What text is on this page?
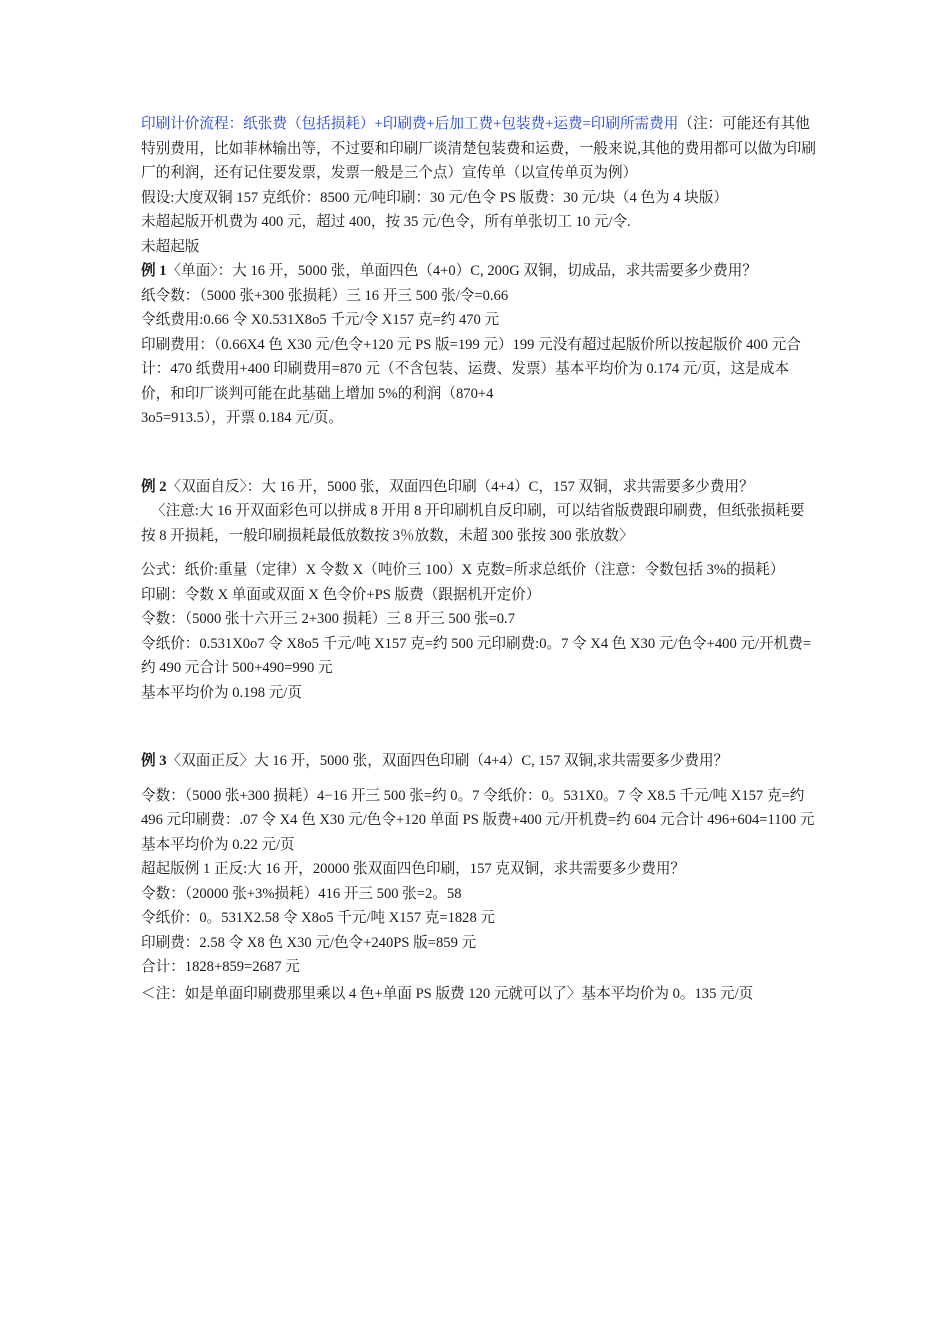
印刷计价流程：纸张费（包括损耗）+印刷费+后加工费+包装费+运费=印刷所需费用（注：可能还有其他特别费用，比如菲林输出等，不过要和印刷厂谈清楚包装费和运费，一般来说,其他的费用都可以做为印刷厂的利润，还有记住要发票，发票一般是三个点）宣传单（以宣传单页为例）

假设:大度双铜 157 克纸价：8500 元/吨印刷：30 元/色令 PS 版费：30 元/块（4 色为 4 块版）

未超起版开机费为 400 元，超过 400，按 35 元/色令，所有单张切工 10 元/令.

未超起版

例 1〈单面〉：大 16 开，5000 张，单面四色（4+0）C, 200G 双铜，切成品，求共需要多少费用？

纸令数：（5000 张+300 张损耗）三 16 开三 500 张/令=0.66

令纸费用:0.66 令 X0.531X8o5 千元/令 X157 克=约 470 元

印刷费用：（0.66X4 色 X30 元/色令+120 元 PS 版=199 元）199 元没有超过起版价所以按起版价 400 元合计：470 纸费用+400 印刷费用=870 元（不含包装、运费、发票）基本平均价为 0.174 元/页，这是成本价，和印厂谈判可能在此基础上增加 5%的利润（870+4

3o5=913.5），开票 0.184 元/页。

例 2〈双面自反〉：大 16 开，5000 张，双面四色印刷（4+4）C，157 双铜，求共需要多少费用？

〈注意:大 16 开双面彩色可以拼成 8 开用 8 开印刷机自反印刷，可以结省版费跟印刷费，但纸张损耗要按 8 开损耗，一般印刷损耗最低放数按 3％放数，未超 300 张按 300 张放数〉

公式：纸价:重量（定律）X 令数 X（吨价三 100）X 克数=所求总纸价（注意：令数包括 3%的损耗）

印刷：令数 X 单面或双面 X 色令价+PS 版费（跟据机开定价）

令数：（5000 张十六开三 2+300 损耗）三 8 开三 500 张=0.7

令纸价：0.531X0o7 令 X8o5 千元/吨 X157 克=约 500 元印刷费:0。7 令 X4 色 X30 元/色令+400 元/开机费=约 490 元合计 500+490=990 元

基本平均价为 0.198 元/页

例 3〈双面正反〉大 16 开，5000 张，双面四色印刷（4+4）C, 157 双铜,求共需要多少费用？

令数：（5000 张+300 损耗）4−16 开三 500 张=约 0。7 令纸价：0。531X0。7 令 X8.5 千元/吨 X157 克=约 496 元印刷费：.07 令 X4 色 X30 元/色令+120 单面 PS 版费+400 元/开机费=约 604 元合计 496+604=1100 元基本平均价为 0.22 元/页

超起版例 1 正反:大 16 开，20000 张双面四色印刷，157 克双铜，求共需要多少费用？

令数：（20000 张+3%损耗）416 开三 500 张=2。58

令纸价：0。531X2.58 令 X8o5 千元/吨 X157 克=1828 元

印刷费：2.58 令 X8 色 X30 元/色令+240PS 版=859 元

合计：1828+859=2687 元

＜注：如是单面印刷费那里乘以 4 色+单面 PS 版费 120 元就可以了〉基本平均价为 0。135 元/页
